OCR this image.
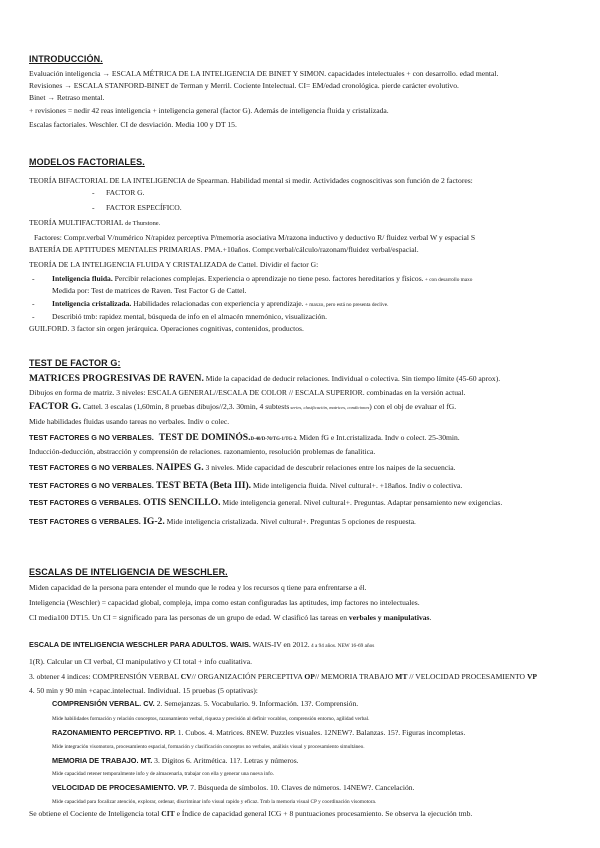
INTRODUCCIÓN.
Evaluación inteligencia → ESCALA MÉTRICA DE LA INTELIGENCIA DE BINET Y SIMON. capacidades intelectuales + con desarrollo. edad mental.
Revisiones → ESCALA STANFORD-BINET de Terman y Merril. Cociente Intelectual. CI= EM/edad cronológica. pierde carácter evolutivo.
Binet → Retraso mental.
+ revisiones = nedir 42 reas inteligencia + inteligencia general (factor G). Además de inteligencia fluida y cristalizada.
Escalas factoriales. Weschler. CI de desviación. Media 100 y DT 15.
MODELOS FACTORIALES.
TEORÍA BIFACTORIAL DE LA INTELIGENCIA de Spearman. Habilidad mental si medir. Actividades cognoscitivas son función de 2 factores:
- FACTOR G.
- FACTOR ESPECÍFICO.
TEORÍA MULTIFACTORIAL de Thurstone.
Factores: Compr.verbal V/numérico N/rapidez perceptiva P/memoria asociativa M/razona inductivo y deductivo R/ fluidez verbal W y espacial S
BATERÍA DE APTITUDES MENTALES PRIMARIAS. PMA.+10años. Compr.verbal/cálculo/razonam/fluidez verbal/espacial.
TEORÍA DE LA INTELIGENCIA FLUIDA Y CRISTALIZADA de Cattel. Dividir el factor G:
- Inteligencia fluida. Percibir relaciones complejas. Experiencia o aprendizaje no tiene peso. factores hereditarios y físicos. + con desarrollo maxo
Medida por: Test de matrices de Raven. Test Factor G de Cattel.
- Inteligencia cristalizada. Habilidades relacionadas con experiencia y aprendizaje. + maxzo, pero está no presenta declive.
- Describió tmb: rapidez mental, búsqueda de info en el almacén mnemónico, visualización.
GUILFORD. 3 factor sin orgen jerárquica. Operaciones cognitivas, contenidos, productos.
TEST DE FACTOR G:
MATRICES PROGRESIVAS DE RAVEN. Mide la capacidad de deducir relaciones. Individual o colectiva. Sin tiempo límite (45-60 aprox).
Dibujos en forma de matriz. 3 niveles: ESCALA GENERAL//ESCALA DE COLOR // ESCALA SUPERIOR. combinadas en la versión actual.
FACTOR G. Cattel. 3 escalas (1,60min, 8 pruebas dibujos//2,3. 30min, 4 subtests series, clasificación, matrices, condiciones) con el obj de evaluar el fG.
Mide habilidades fluidas usando tareas no verbales. Indiv o colec.
TEST FACTORES G NO VERBALES. TEST DE DOMINÓS.D-40/D-70/TG-1/TG-2. Miden fG e Int.cristalizada. Indv o colect. 25-30min.
Inducción-deducción, abstracción y comprensión de relaciones. razonamiento, resolución problemas de fanalitica.
TEST FACTORES G NO VERBALES. NAIPES G. 3 niveles. Mide capacidad de descubrir relaciones entre los naipes de la secuencia.
TEST FACTORES G NO VERBALES. TEST BETA (Beta III). Mide inteligencia fluida. Nivel cultural+. +18años. Indiv o colectiva.
TEST FACTORES G VERBALES. OTIS SENCILLO. Mide inteligencia general. Nivel cultural+. Preguntas. Adaptar pensamiento new exigencias.
TEST FACTORES G VERBALES. IG-2. Mide inteligencia cristalizada. Nivel cultural+. Preguntas 5 opciones de respuesta.
ESCALAS DE INTELIGENCIA DE WESCHLER.
Miden capacidad de la persona para entender el mundo que le rodea y los recursos q tiene para enfrentarse a él.
Inteligencia (Weschler) = capacidad global, compleja, impa como estan configuradas las aptitudes, imp factores no intelectuales.
CI media100 DT15. Un CI = significado para las personas de un grupo de edad. W clasificó las tareas en verbales y manipulativas.
ESCALA DE INTELIGENCIA WESCHLER PARA ADULTOS. WAIS. WAIS-IV en 2012. 4 a 94 años. NEW 16-69 años
1(R). Calcular un CI verbal, CI manipulativo y CI total + info cualitativa.
3. obtener 4 indices: COMPRENSIÓN VERBAL CV// ORGANIZACIÓN PERCEPTIVA OP// MEMORIA TRABAJO MT // VELOCIDAD PROCESAMIENTO VP
4. 50 min y 90 min +capac.intelectual. Individual. 15 pruebas (5 optativas):
COMPRENSIÓN VERBAL. CV. 2. Semejanzas. 5. Vocabulario. 9. Información. 13?. Comprensión.
Mide habilidades formación y relación conceptos, razonamiento verbal, riqueza y precisión al definir vocablos, comprensión entorno, agilidad verbal.
RAZONAMIENTO PERCEPTIVO. RP. 1. Cubos. 4. Matrices. 8NEW. Puzzles visuales. 12NEW?. Balanzas. 15?. Figuras incompletas.
Mide integración visomotora, procesamiento espacial, formación y clasificación conceptos no verbales, análisis visual y procesamiento simultáneo.
MEMORIA DE TRABAJO. MT. 3. Dígitos 6. Aritmética. 11?. Letras y números.
Mide capacidad retener temporalmente info y de almacenarla, trabajar con ella y generar una nueva info.
VELOCIDAD DE PROCESAMIENTO. VP. 7. Búsqueda de símbolos. 10. Claves de números. 14NEW?. Cancelación.
Mide capacidad para focalizar atención, explorar, ordenar, discriminar info visual rapido y eficaz. Tmb la memoria visual CP y coordinación visomotora.
Se obtiene el Cociente de Inteligencia total CIT e Índice de capacidad general ICG + 8 puntuaciones procesamiento. Se observa la ejecución tmb.
